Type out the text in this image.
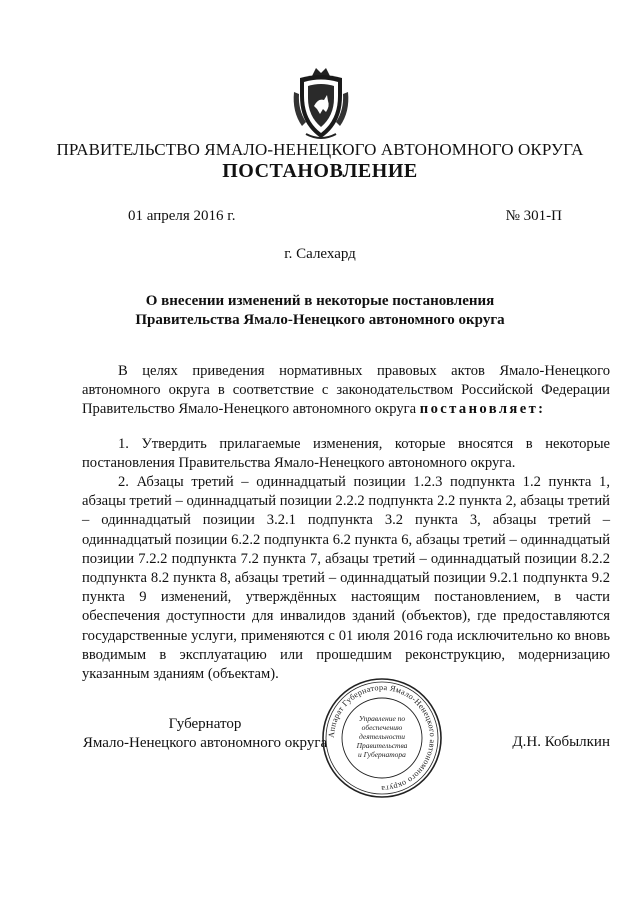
ПРАВИТЕЛЬСТВО ЯМАЛО-НЕНЕЦКОГО АВТОНОМНОГО ОКРУГА
ПОСТАНОВЛЕНИЕ
01 апреля 2016 г.	№ 301-П
г. Салехард
О внесении изменений в некоторые постановления
Правительства Ямало-Ненецкого автономного округа

В целях приведения нормативных правовых актов Ямало-Ненецкого автономного округа в соответствие с законодательством Российской Федерации Правительство Ямало-Ненецкого автономного округа постановляет:

1. Утвердить прилагаемые изменения, которые вносятся в некоторые постановления Правительства Ямало-Ненецкого автономного округа.

2. Абзацы третий – одиннадцатый позиции 1.2.3 подпункта 1.2 пункта 1, абзацы третий – одиннадцатый позиции 2.2.2 подпункта 2.2 пункта 2, абзацы третий – одиннадцатый позиции 3.2.1 подпункта 3.2 пункта 3, абзацы третий – одиннадцатый позиции 6.2.2 подпункта 6.2 пункта 6, абзацы третий – одиннадцатый позиции 7.2.2 подпункта 7.2 пункта 7, абзацы третий – одиннадцатый позиции 8.2.2 подпункта 8.2 пункта 8, абзацы третий – одиннадцатый позиции 9.2.1 подпункта 9.2 пункта 9 изменений, утверждённых настоящим постановлением, в части обеспечения доступности для инвалидов зданий (объектов), где предоставляются государственные услуги, применяются с 01 июля 2016 года исключительно ко вновь вводимым в эксплуатацию или прошедшим реконструкцию, модернизацию указанным зданиям (объектам).

Губернатор
Ямало-Ненецкого автономного округа
Аппарат Губернатора Ямало-Ненецкого автономного округа
Управление по
обеспечению
деятельности
Правительства
и Губернатора
Д.Н. Кобылкин
